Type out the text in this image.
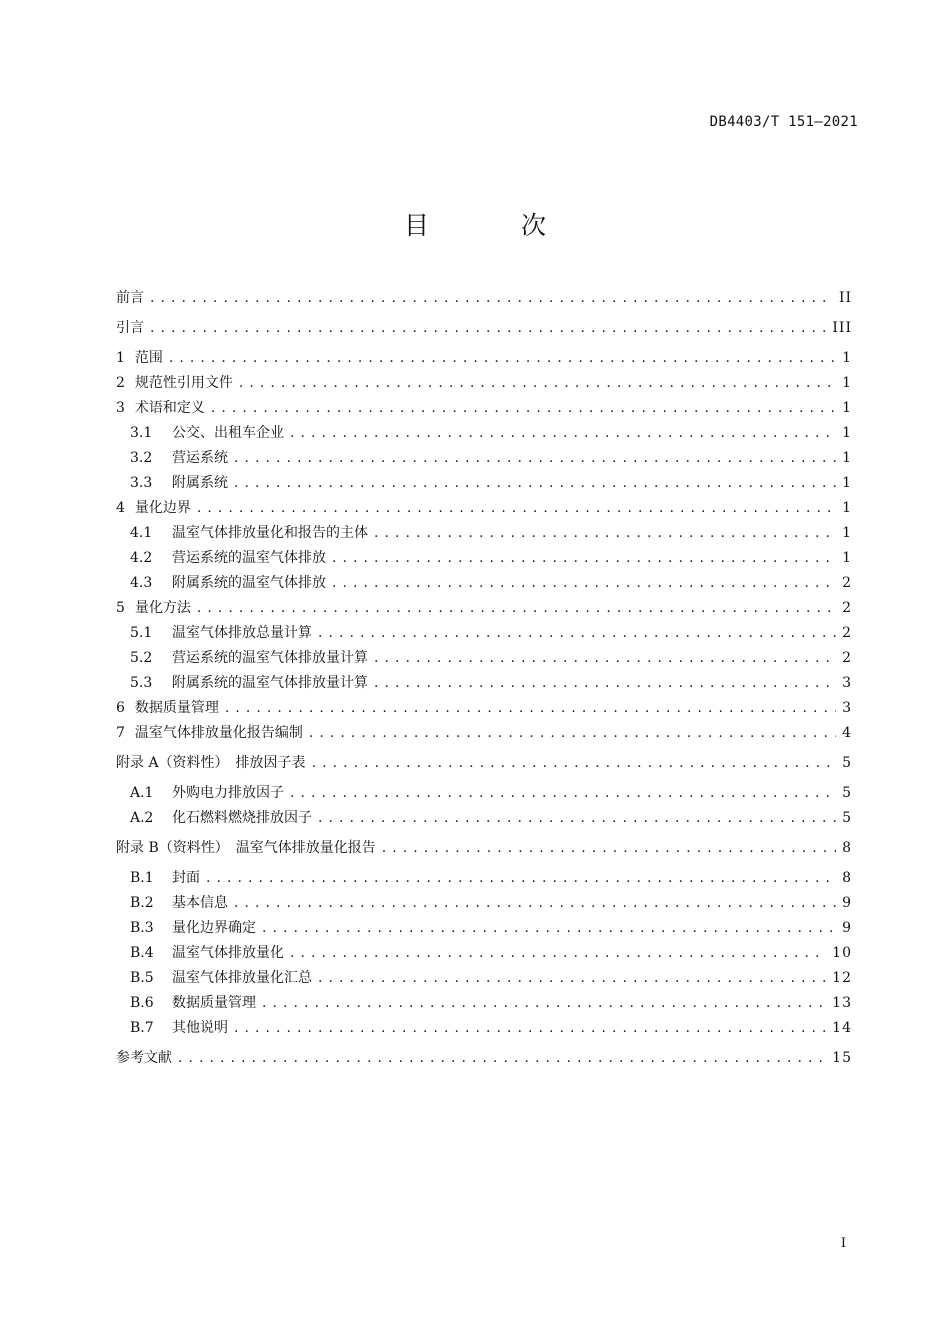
DB4403/T 151—2021
目 次
前言 . . .	II
引言 . . .	III
1 范围 . . .	1
2 规范性引用文件 . . .	1
3 术语和定义 . . .	1
3.1 公交、出租车企业 . . .	1
3.2 营运系统 . . .	1
3.3 附属系统 . . .	1
4 量化边界 . . .	1
4.1 温室气体排放量化和报告的主体 . . .	1
4.2 营运系统的温室气体排放 . . .	1
4.3 附属系统的温室气体排放 . . .	2
5 量化方法 . . .	2
5.1 温室气体排放总量计算 . . .	2
5.2 营运系统的温室气体排放量计算 . . .	2
5.3 附属系统的温室气体排放量计算 . . .	3
6 数据质量管理 . . .	3
7 温室气体排放量化报告编制 . . .	4
附录 A（资料性）　排放因子表 . . .	5
A.1 外购电力排放因子 . . .	5
A.2 化石燃料燃烧排放因子 . . .	5
附录 B（资料性）　温室气体排放量化报告 . . .	8
B.1 封面 . . .	8
B.2 基本信息 . . .	9
B.3 量化边界确定 . . .	9
B.4 温室气体排放量化 . . .	10
B.5 温室气体排放量化汇总 . . .	12
B.6 数据质量管理 . . .	13
B.7 其他说明 . . .	14
参考文献 . . .	15
I
